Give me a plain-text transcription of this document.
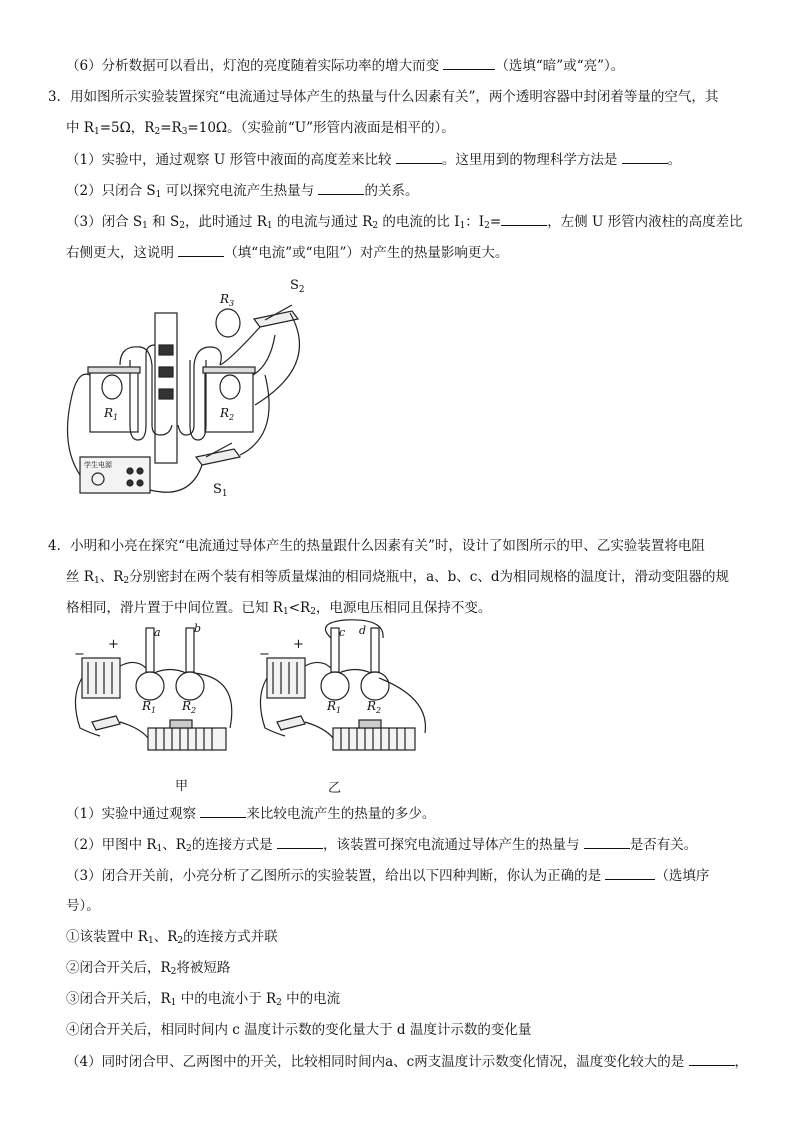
（6）分析数据可以看出，灯泡的亮度随着实际功率的增大而变	（选填“暗”或“亮”）。
3．用如图所示实验装置探究“电流通过导体产生的热量与什么因素有关”，两个透明容器中封闭着等量的空气，其
中 $R_1=5\Omega$，$R_2=R_3=10\Omega$。（实验前“U”形管内液面是相平的）。
（1）实验中，通过观察 U 形管中液面的高度差来比较	。这里用到的物理科学方法是	。
（2）只闭合 $S_1$ 可以探究电流产生热量与	的关系。
（3）闭合 $S_1$ 和 $S_2$，此时通过 $R_1$ 的电流与通过 $R_2$ 的电流的比 $I_1$：$I_2=$	，左侧 U 形管内液柱的高度差比
右侧更大，这说明	（填“电流”或“电阻”）对产生的热量影响更大。
$R_3$
$S_2$
$R_1$	$R_2$
$S_1$
学生电源
4．小明和小亮在探究“电流通过导体产生的热量跟什么因素有关”时，设计了如图所示的甲、乙实验装置将电阻
丝 $R_1$、$R_2$分别密封在两个装有相等质量煤油的相同烧瓶中，a、b、c、d为相同规格的温度计，滑动变阻器的规
格相同，滑片置于中间位置。已知 $R_1<R_2$，电源电压相同且保持不变。
a	b
−
+
$R_1$ $R_2$
c d
−
+
$R_1$ $R_2$
甲	乙
（1）实验中通过观察	来比较电流产生的热量的多少。
（2）甲图中 $R_1$、$R_2$的连接方式是	，该装置可探究电流通过导体产生的热量与	是否有关。
（3）闭合开关前，小亮分析了乙图所示的实验装置，给出以下四种判断，你认为正确的是	（选填序
号）。
①该装置中 $R_1$、$R_2$的连接方式并联
②闭合开关后，$R_2$将被短路
③闭合开关后，$R_1$ 中的电流小于 $R_2$ 中的电流
④闭合开关后，相同时间内 c 温度计示数的变化量大于 d 温度计示数的变化量
（4）同时闭合甲、乙两图中的开关，比较相同时间内a、c两支温度计示数变化情况，温度变化较大的是	，
